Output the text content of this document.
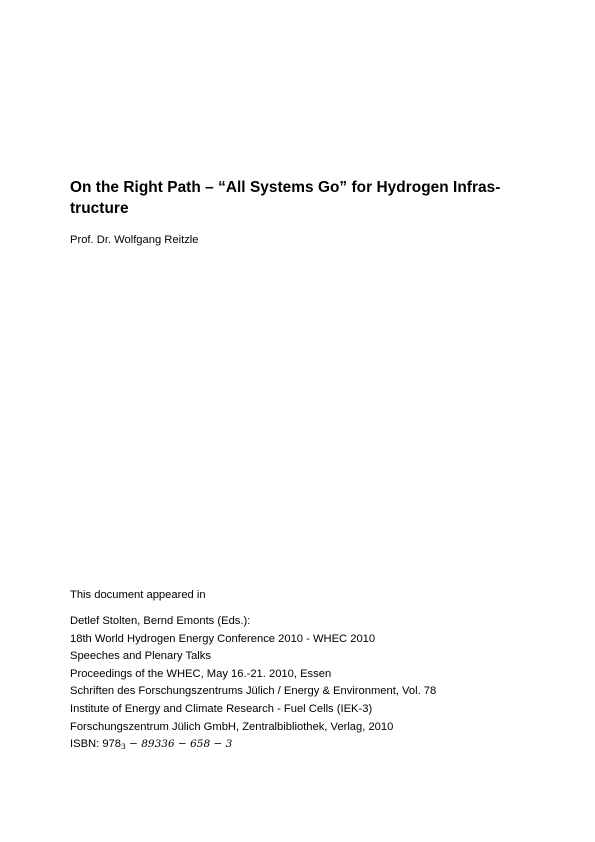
On the Right Path – “All Systems Go” for Hydrogen Infras-
tructure

Prof. Dr. Wolfgang Reitzle

This document appeared in

Detlef Stolten, Bernd Emonts (Eds.):
18th World Hydrogen Energy Conference 2010 - WHEC 2010
Speeches and Plenary Talks
Proceedings of the WHEC, May 16.-21. 2010, Essen
Schriften des Forschungszentrums Jülich / Energy & Environment, Vol. 78
Institute of Energy and Climate Research - Fuel Cells (IEK-3)
Forschungszentrum Jülich GmbH, Zentralbibliothek, Verlag, 2010
ISBN: 9783 − 89336 − 658 − 3
